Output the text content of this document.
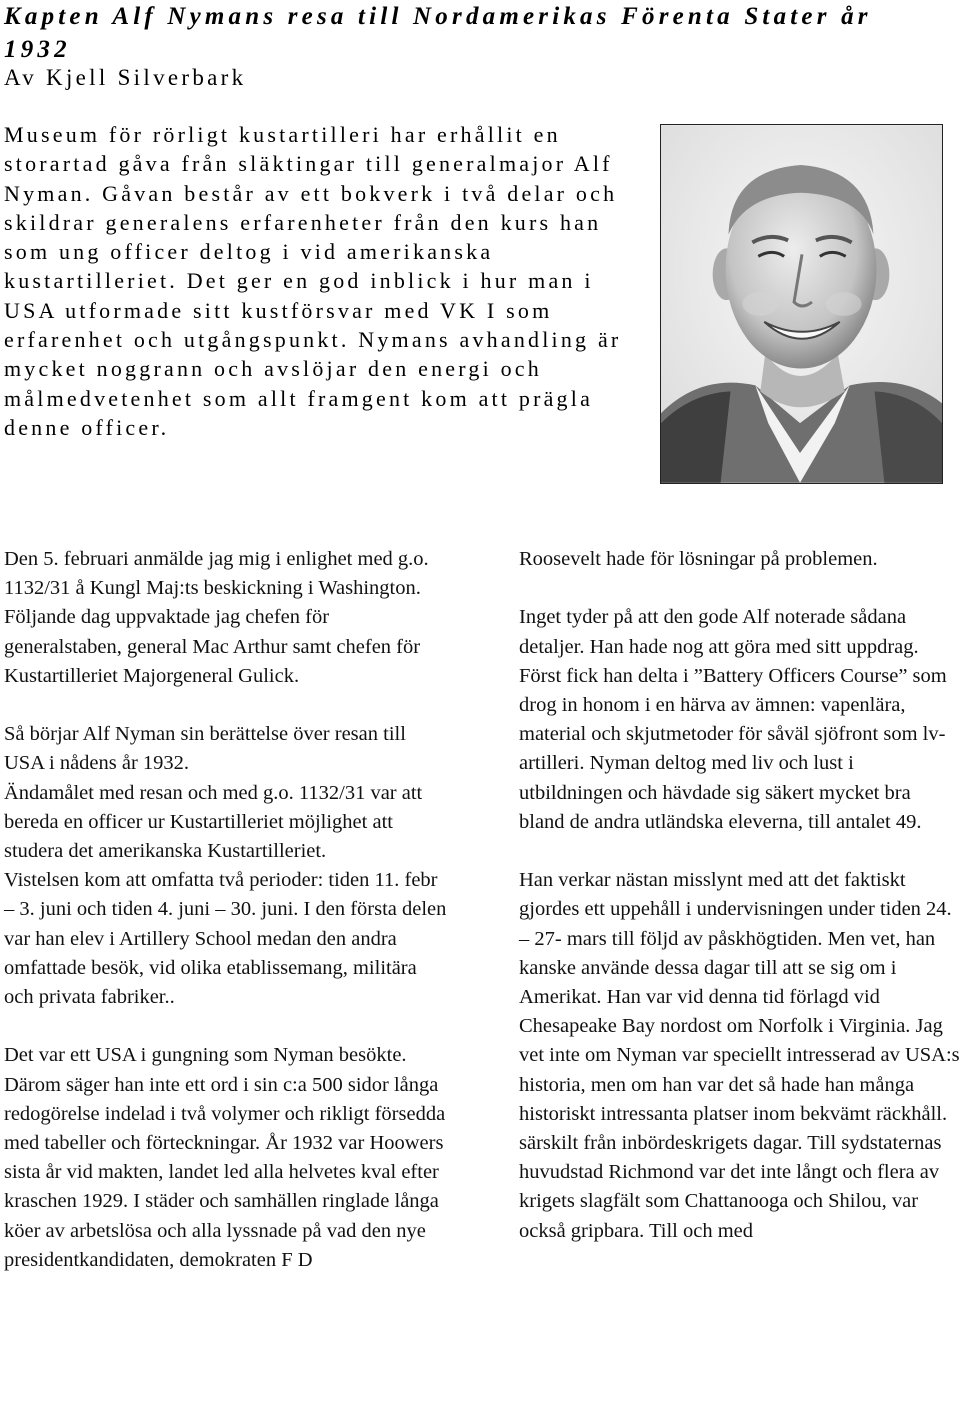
Kapten Alf Nymans resa till Nordamerikas Förenta Stater år 1932
Av Kjell Silverbark

Museum för rörligt kustartilleri har erhållit en storartad gåva från släktingar till generalmajor Alf Nyman. Gåvan består av ett bokverk i två delar och skildrar generalens erfarenheter från den kurs han som ung officer deltog i vid amerikanska kustartilleriet. Det ger en god inblick i hur man i USA utformade sitt kustförsvar med VK I som erfarenhet och utgångspunkt. Nymans avhandling är mycket noggrann och avslöjar den energi och målmedvetenhet som allt framgent kom att prägla denne officer.

Den 5. februari anmälde jag mig i enlighet med g.o. 1132/31 å Kungl Maj:ts beskickning i Washington. Följande dag uppvaktade jag chefen för generalstaben, general Mac Arthur samt chefen för Kustartilleriet Majorgeneral Gulick.

Så börjar Alf Nyman sin berättelse över resan till USA i nådens år 1932.

Ändamålet med resan och med g.o. 1132/31 var att bereda en officer ur Kustartilleriet möjlighet att studera det amerikanska Kustartilleriet.

Vistelsen kom att omfatta två perioder: tiden 11. febr – 3. juni och tiden 4. juni – 30. juni. I den första delen var han elev i Artillery School medan den andra omfattade besök, vid olika etablissemang, militära och privata fabriker..

Det var ett USA i gungning som Nyman besökte. Därom säger han inte ett ord i sin c:a 500 sidor långa redogörelse indelad i två volymer och rikligt försedda med tabeller och förteckningar. År 1932 var Hoowers sista år vid makten, landet led alla helvetes kval efter kraschen 1929. I städer och samhällen ringlade långa köer av arbetslösa och alla lyssnade på vad den nye presidentkandidaten, demokraten F D

Roosevelt hade för lösningar på problemen.

Inget tyder på att den gode Alf noterade sådana detaljer. Han hade nog att göra med sitt uppdrag. Först fick han delta i ”Battery Officers Course” som drog in honom i en härva av ämnen: vapenlära, material och skjutmetoder för såväl sjöfront som lv-artilleri. Nyman deltog med liv och lust i utbildningen och hävdade sig säkert mycket bra bland de andra utländska eleverna, till antalet 49.

Han verkar nästan misslynt med att det faktiskt gjordes ett uppehåll i undervisningen under tiden 24. – 27- mars till följd av påskhögtiden. Men vet, han kanske använde dessa dagar till att se sig om i Amerikat. Han var vid denna tid förlagd vid Chesapeake Bay nordost om Norfolk i Virginia. Jag vet inte om Nyman var speciellt intresserad av USA:s historia, men om han var det så hade han många historiskt intressanta platser inom bekvämt räckhåll. särskilt från inbördeskrigets dagar. Till sydstaternas huvudstad Richmond var det inte långt och flera av krigets slagfält som Chattanooga och Shilou, var också gripbara. Till och med
